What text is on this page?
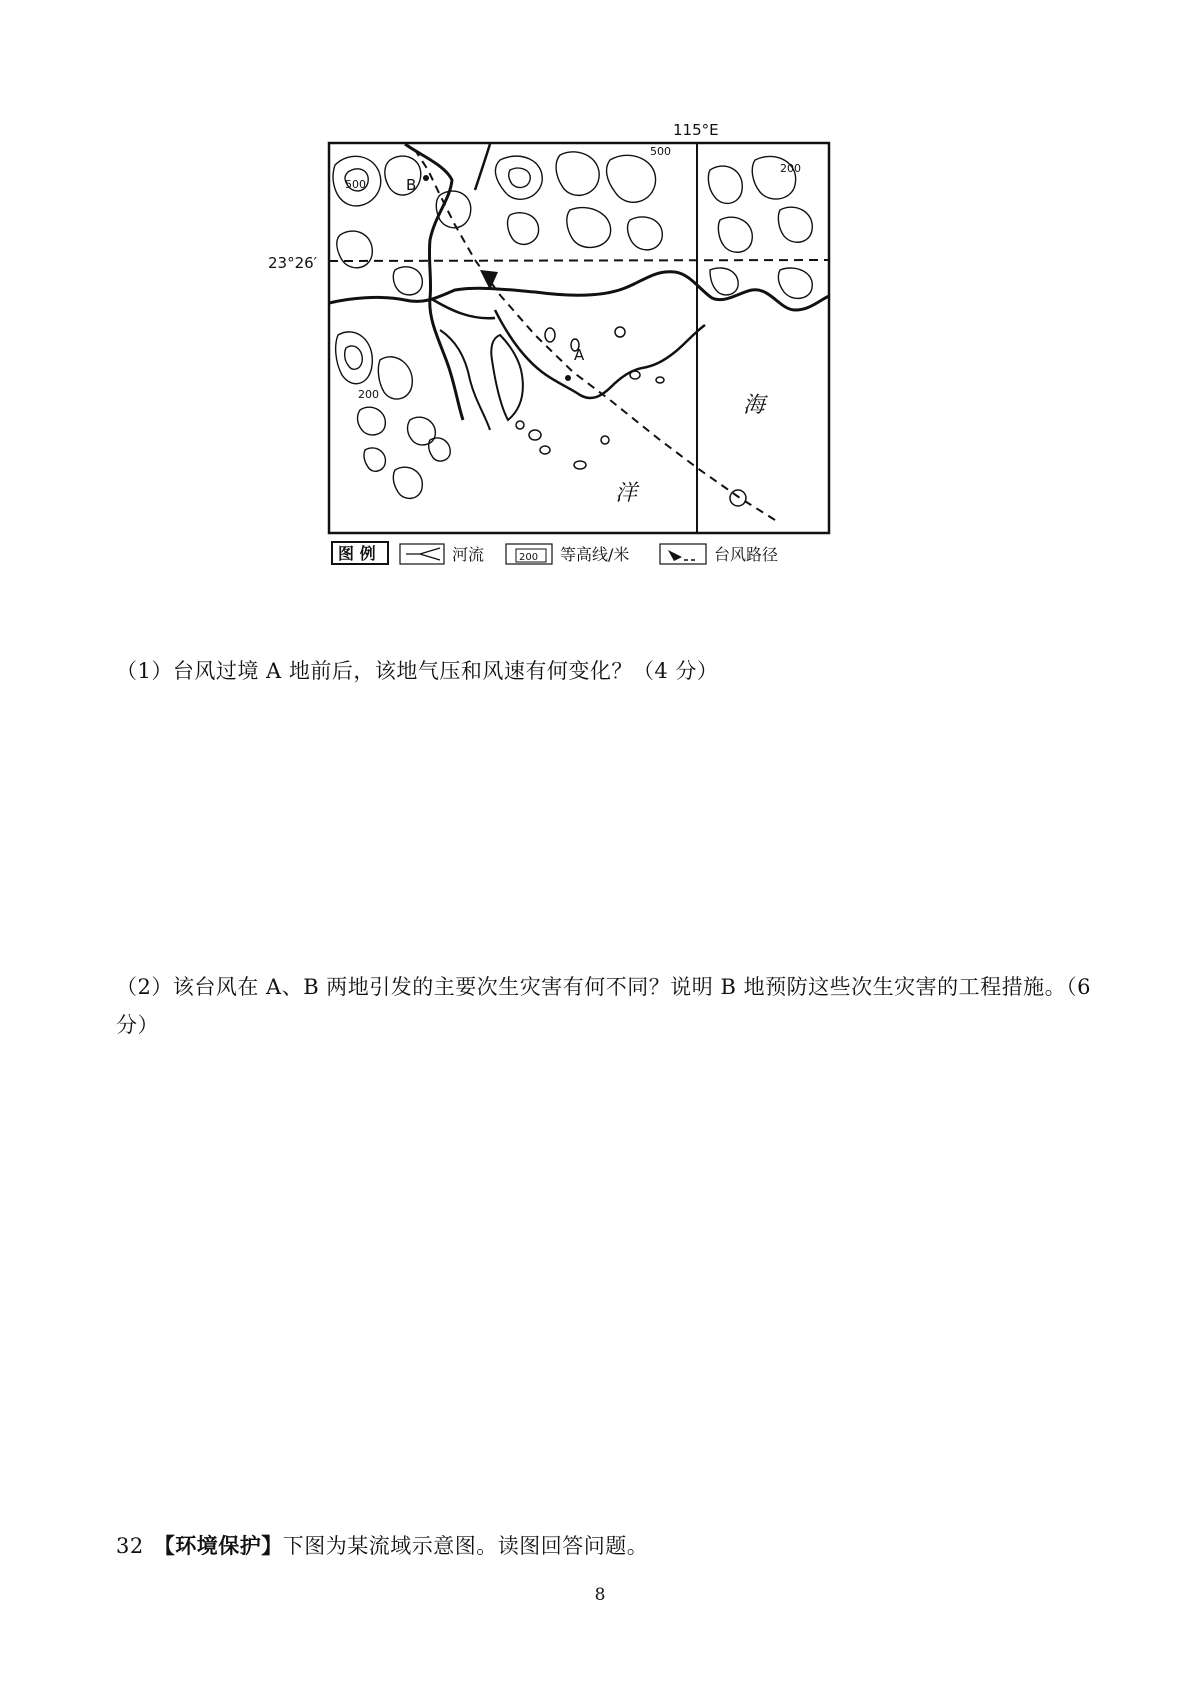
115°E
23°26′
A
B
500
500
200
200	海
洋
图 例	河流	200 等高线/米	台风路径
（1）台风过境 A 地前后，该地气压和风速有何变化？（4 分）
（2）该台风在 A、B 两地引发的主要次生灾害有何不同？说明 B 地预防这些次生灾害的工程措施。（6 分）
32 【环境保护】下图为某流域示意图。读图回答问题。
8
